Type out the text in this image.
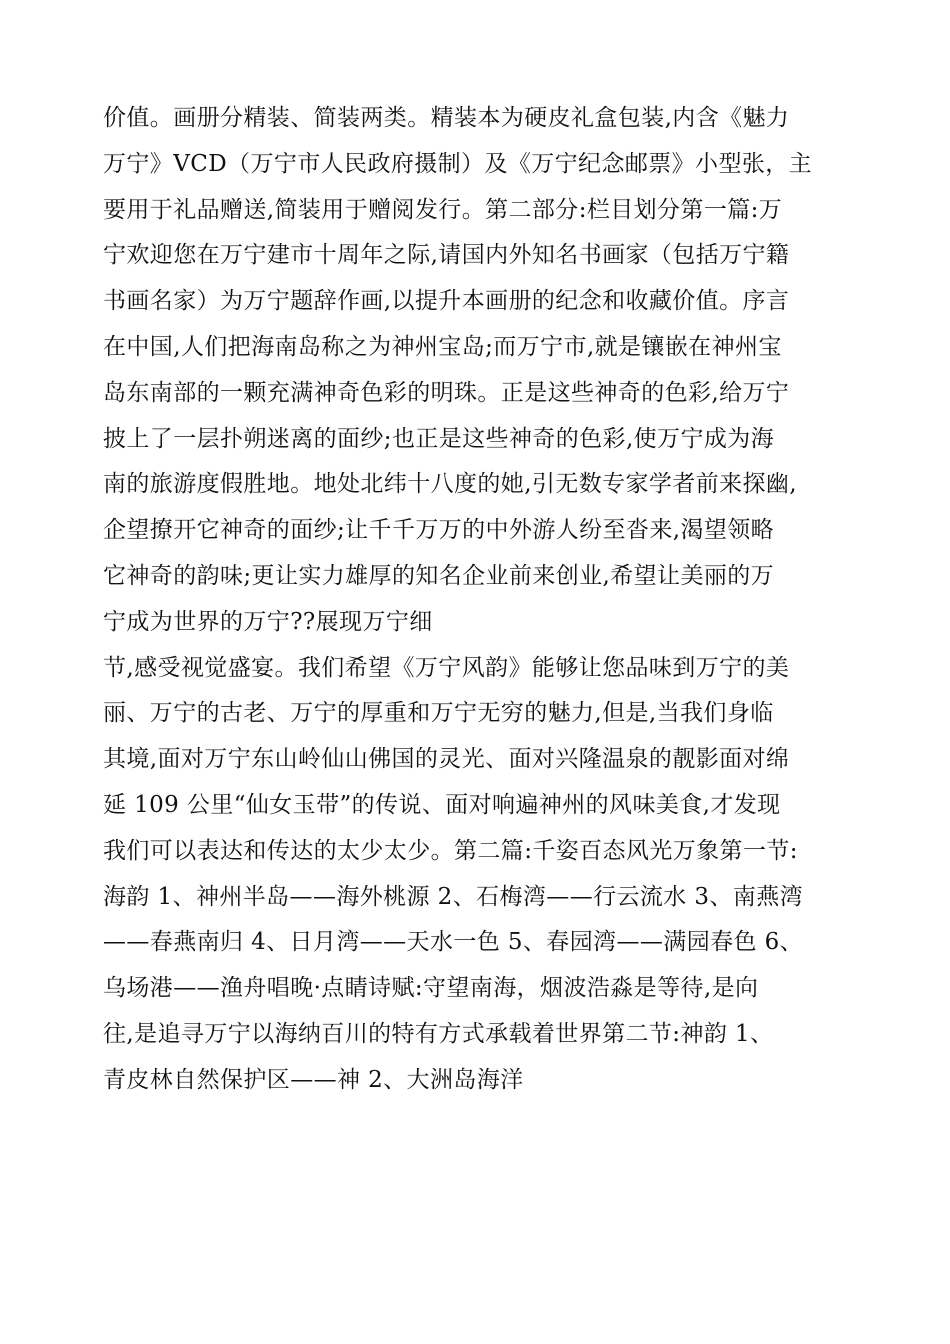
价值。画册分精装、简装两类。精装本为硬皮礼盒包装,内含《魅力
万宁》VCD（万宁市人民政府摄制）及《万宁纪念邮票》小型张，主
要用于礼品赠送,简装用于赠阅发行。第二部分:栏目划分第一篇:万
宁欢迎您在万宁建市十周年之际,请国内外知名书画家（包括万宁籍
书画名家）为万宁题辞作画,以提升本画册的纪念和收藏价值。序言
在中国,人们把海南岛称之为神州宝岛;而万宁市,就是镶嵌在神州宝
岛东南部的一颗充满神奇色彩的明珠。正是这些神奇的色彩,给万宁
披上了一层扑朔迷离的面纱;也正是这些神奇的色彩,使万宁成为海
南的旅游度假胜地。地处北纬十八度的她,引无数专家学者前来探幽,
企望撩开它神奇的面纱;让千千万万的中外游人纷至沓来,渴望领略
它神奇的韵味;更让实力雄厚的知名企业前来创业,希望让美丽的万
宁成为世界的万宁??展现万宁细
节,感受视觉盛宴。我们希望《万宁风韵》能够让您品味到万宁的美
丽、万宁的古老、万宁的厚重和万宁无穷的魅力,但是,当我们身临
其境,面对万宁东山岭仙山佛国的灵光、面对兴隆温泉的靓影面对绵
延 109 公里“仙女玉带”的传说、面对响遍神州的风味美食,才发现
我们可以表达和传达的太少太少。第二篇:千姿百态风光万象第一节:
海韵 1、神州半岛——海外桃源 2、石梅湾——行云流水 3、南燕湾
——春燕南归 4、日月湾——天水一色 5、春园湾——满园春色 6、
乌场港——渔舟唱晚·点睛诗赋:守望南海，烟波浩淼是等待,是向
往,是追寻万宁以海纳百川的特有方式承载着世界第二节:神韵 1、
青皮林自然保护区——神 2、大洲岛海洋
